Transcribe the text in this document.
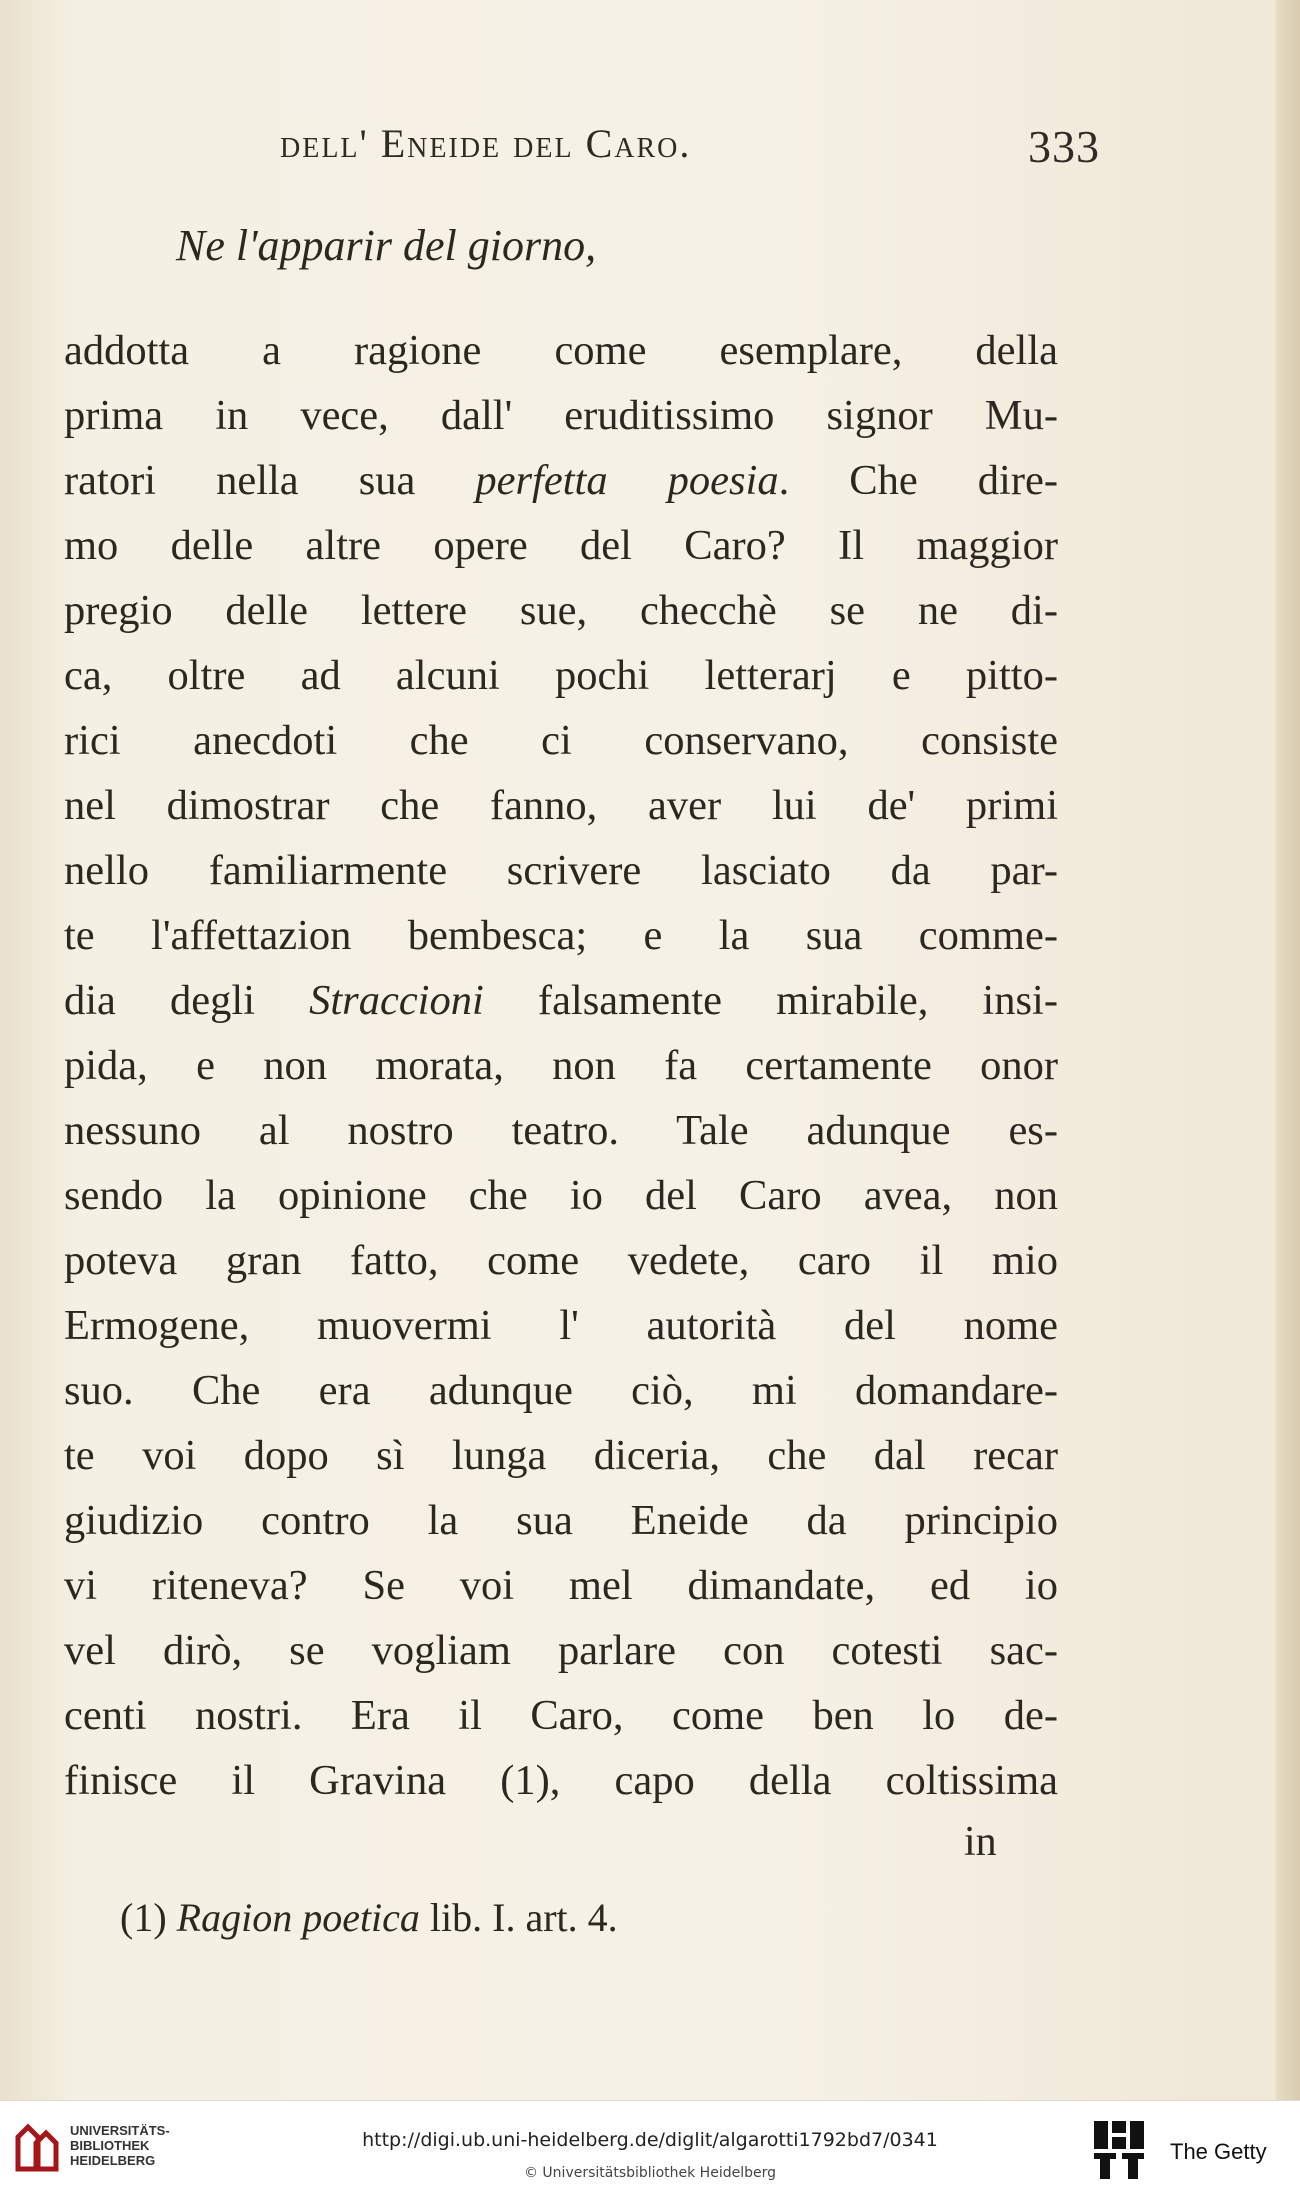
dell' Eneide del Caro.	333
Ne l'apparir del giorno,
addotta a ragione come esemplare, della
prima in vece, dall' eruditissimo signor Mu-
ratori nella sua perfetta poesia. Che dire-
mo delle altre opere del Caro? Il maggior
pregio delle lettere sue, checchè se ne di-
ca, oltre ad alcuni pochi letterarj e pitto-
rici anecdoti che ci conservano, consiste
nel dimostrar che fanno, aver lui de' primi
nello familiarmente scrivere lasciato da par-
te l'affettazion bembesca; e la sua comme-
dia degli Straccioni falsamente mirabile, insi-
pida, e non morata, non fa certamente onor
nessuno al nostro teatro. Tale adunque es-
sendo la opinione che io del Caro avea, non
poteva gran fatto, come vedete, caro il mio
Ermogene, muovermi l' autorità del nome
suo. Che era adunque ciò, mi domandare-
te voi dopo sì lunga diceria, che dal recar
giudizio contro la sua Eneide da principio
vi riteneva? Se voi mel dimandate, ed io
vel dirò, se vogliam parlare con cotesti sac-
centi nostri. Era il Caro, come ben lo de-
finisce il Gravina (1), capo della coltissima
in
(1) Ragion poetica lib. I. art. 4.
UNIVERSITÄTS-
BIBLIOTHEK
HEIDELBERG
http://digi.ub.uni-heidelberg.de/diglit/algarotti1792bd7/0341
© Universitätsbibliothek Heidelberg
The Getty
